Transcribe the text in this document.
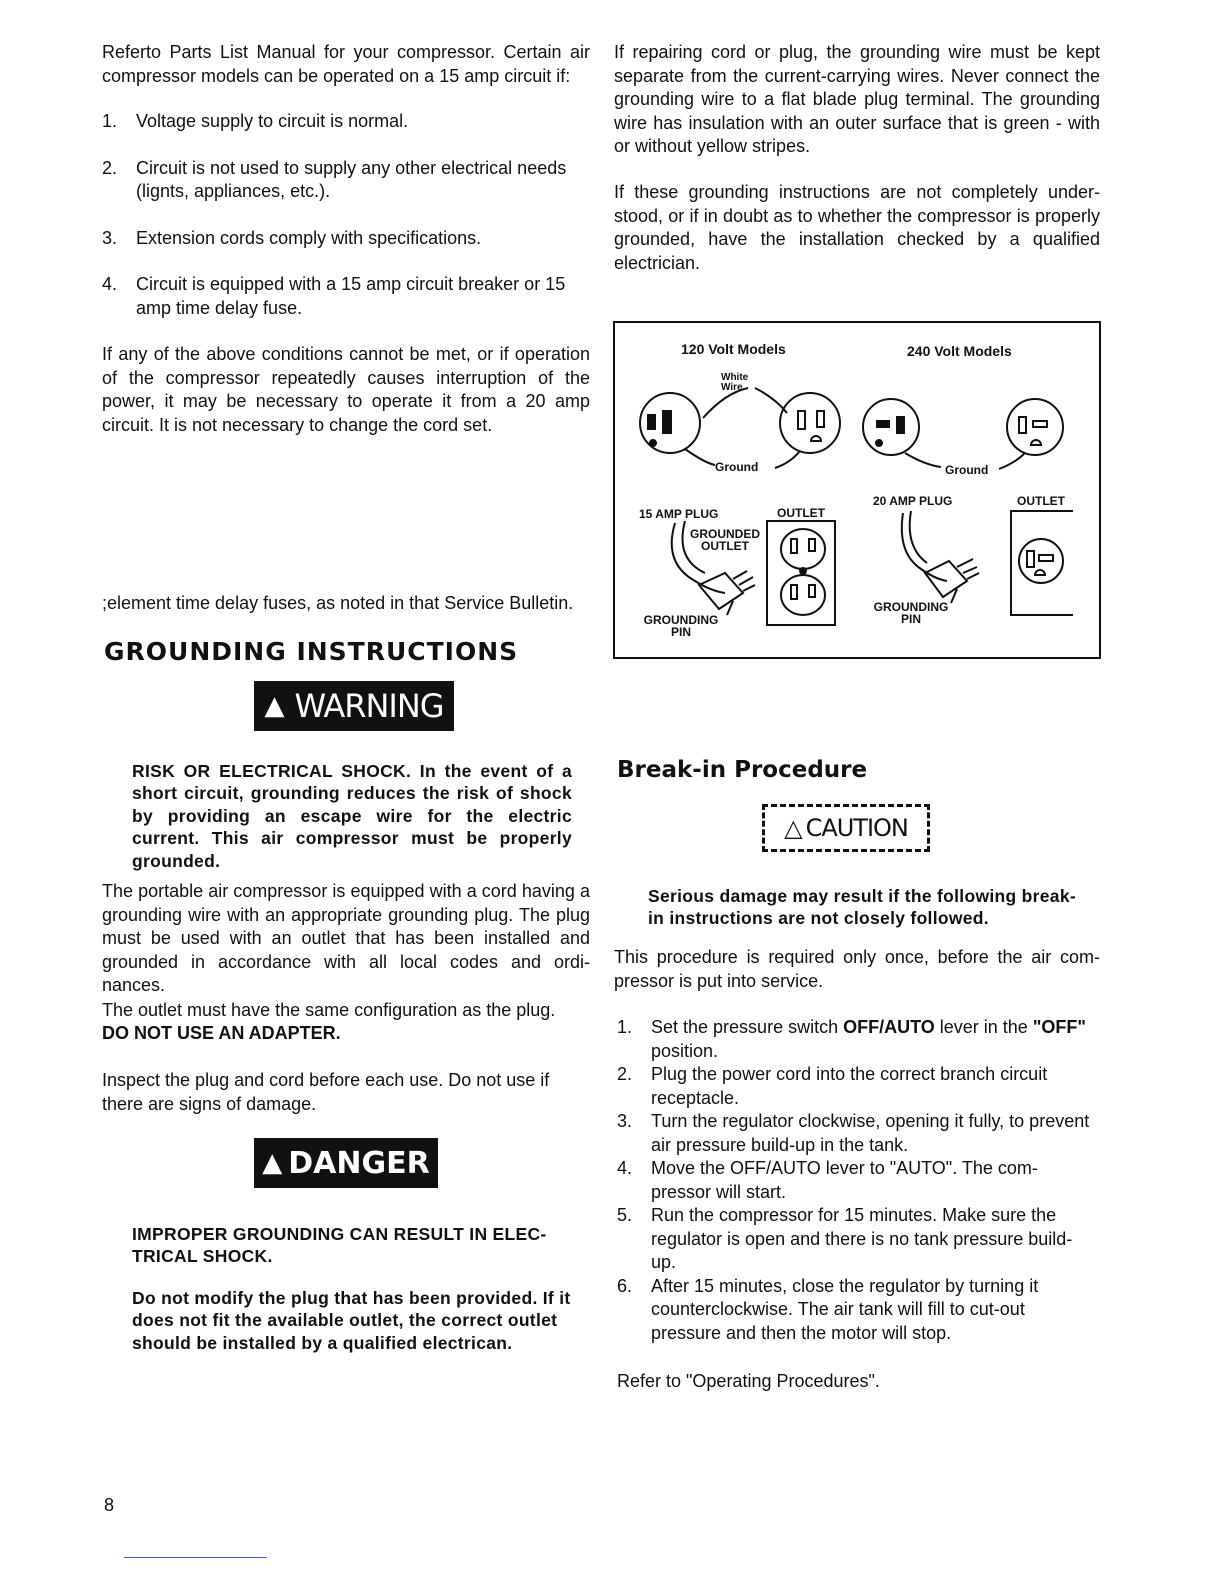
Referto Parts List Manual for your compressor. Certain air compressor models can be operated on a 15 amp circuit if:

1. Voltage supply to circuit is normal.
2. Circuit is not used to supply any other electrical needs (lignts, appliances, etc.).
3. Extension cords comply with specifications.
4. Circuit is equipped with a 15 amp circuit breaker or 15 amp time delay fuse.

If any of the above conditions cannot be met, or if operation of the compressor repeatedly causes interruption of the power, it may be necessary to operate it from a 20 amp circuit. It is not necessary to change the cord set.

;element time delay fuses, as noted in that Service Bulletin.

GROUNDING INSTRUCTIONS
▲ WARNING

RISK OR ELECTRICAL SHOCK. In the event of a short circuit, grounding reduces the risk of shock by providing an escape wire for the electric current. This air compressor must be properly grounded.

The portable air compressor is equipped with a cord having a grounding wire with an appropriate grounding plug. The plug must be used with an outlet that has been installed and grounded in accordance with all local codes and ordi- nances.

The outlet must have the same configuration as the plug.

DO NOT USE AN ADAPTER.

Inspect the plug and cord before each use. Do not use if there are signs of damage.

▲ DANGER

IMPROPER GROUNDING CAN RESULT IN ELEC- TRICAL SHOCK.

Do not modify the plug that has been provided. If it does not fit the available outlet, the correct outlet should be installed by a qualified electrican.

8

If repairing cord or plug, the grounding wire must be kept separate from the current-carrying wires. Never connect the grounding wire to a flat blade plug terminal. The grounding wire has insulation with an outer surface that is green - with or without yellow stripes.

If these grounding instructions are not completely under- stood, or if in doubt as to whether the compressor is properly grounded, have the installation checked by a qualified electrician.

120 Volt Models	240 Volt Models
White Wire
Ground	Ground
15 AMP PLUG	OUTLET
GROUNDED OUTLET
GROUNDING PIN
20 AMP PLUG	OUTLET
GROUNDING PIN
Break-in Procedure
△ CAUTION

Serious damage may result if the following break-in instructions are not closely followed.

This procedure is required only once, before the air com- pressor is put into service.

1. Set the pressure switch OFF/AUTO lever in the "OFF" position.
2. Plug the power cord into the correct branch circuit receptacle.
3. Turn the regulator clockwise, opening it fully, to prevent air pressure build-up in the tank.
4. Move the OFF/AUTO lever to "AUTO". The com- pressor will start.
5. Run the compressor for 15 minutes. Make sure the regulator is open and there is no tank pressure build- up.
6. After 15 minutes, close the regulator by turning it counterclockwise. The air tank will fill to cut-out pressure and then the motor will stop.

Refer to "Operating Procedures".
